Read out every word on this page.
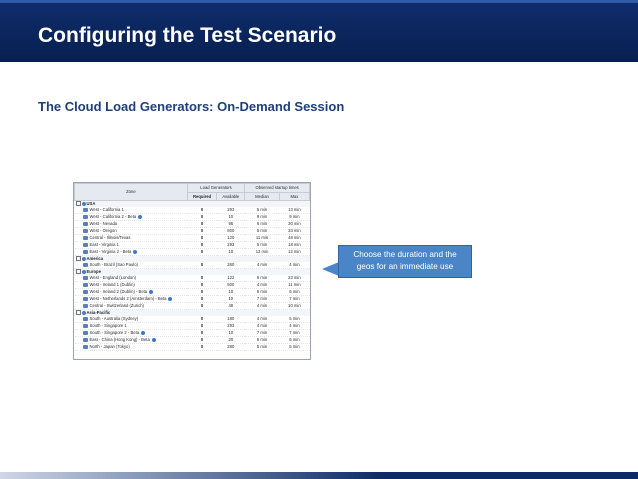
Configuring the Test Scenario
The Cloud Load Generators: On-Demand Session
Zone	Load Generators		Observed startup times	
	Required	Available	Median	Max
USA				
West - California 1	0	293	5 min	13 min
West - California 2 - Beta	0	10	9 min	9 min
West - Nevada	0	95	6 min	30 min
West - Oregon	0	800	5 min	33 min
Central - Illinois/Texas	0	120	11 min	48 min
East - Virginia 1	0	293	5 min	18 min
East - Virginia 2 - Beta	0	10	12 min	12 min
America				
South - Brazil (Sao Paulo)	0	260	4 min	4 min
Europe				
West - England (London)	0	122	6 min	23 min
West - Ireland 1 (Dublin)	0	500	4 min	11 min
West - Ireland 2 (Dublin) - Beta	0	10	6 min	6 min
West - Netherlands 2 (Amsterdam) - Beta	0	10	7 min	7 min
Central - Switzerland (Zurich)	0	48	4 min	10 min
Asia-Pacific				
South - Australia (Sydney)	0	180	4 min	5 min
South - Singapore 1	0	293	4 min	4 min
South - Singapore 2 - Beta	0	10	7 min	7 min
East - China (Hong Kong) - Beta	0	20	6 min	6 min
North - Japan (Tokyo)	0	280	5 min	5 min
Choose the duration and the
geos for an immediate use
